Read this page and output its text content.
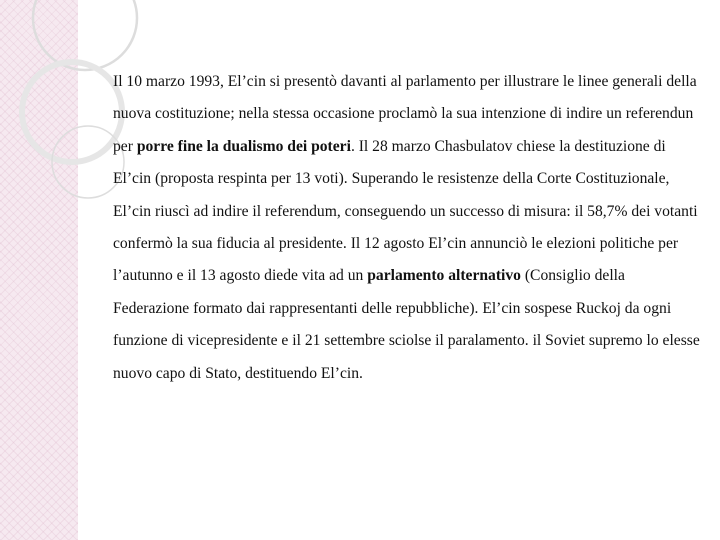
Il 10 marzo 1993, El’cin si presentò davanti al parlamento per illustrare le linee generali della nuova costituzione; nella stessa occasione proclamò la sua intenzione di indire un referendun per porre fine la dualismo dei poteri. Il 28 marzo Chasbulatov chiese la destituzione di El’cin (proposta respinta per 13 voti). Superando le resistenze della Corte Costituzionale, El’cin riuscì ad indire il referendum, conseguendo un successo di misura: il 58,7% dei votanti confermò la sua fiducia al presidente. Il 12 agosto El’cin annunciò le elezioni politiche per l’autunno e il 13 agosto diede vita ad un parlamento alternativo (Consiglio della Federazione formato dai rappresentanti delle repubbliche). El’cin sospese Ruckoj da ogni funzione di vicepresidente e il 21 settembre sciolse il paralamento. il Soviet supremo lo elesse nuovo capo di Stato, destituendo El’cin.
